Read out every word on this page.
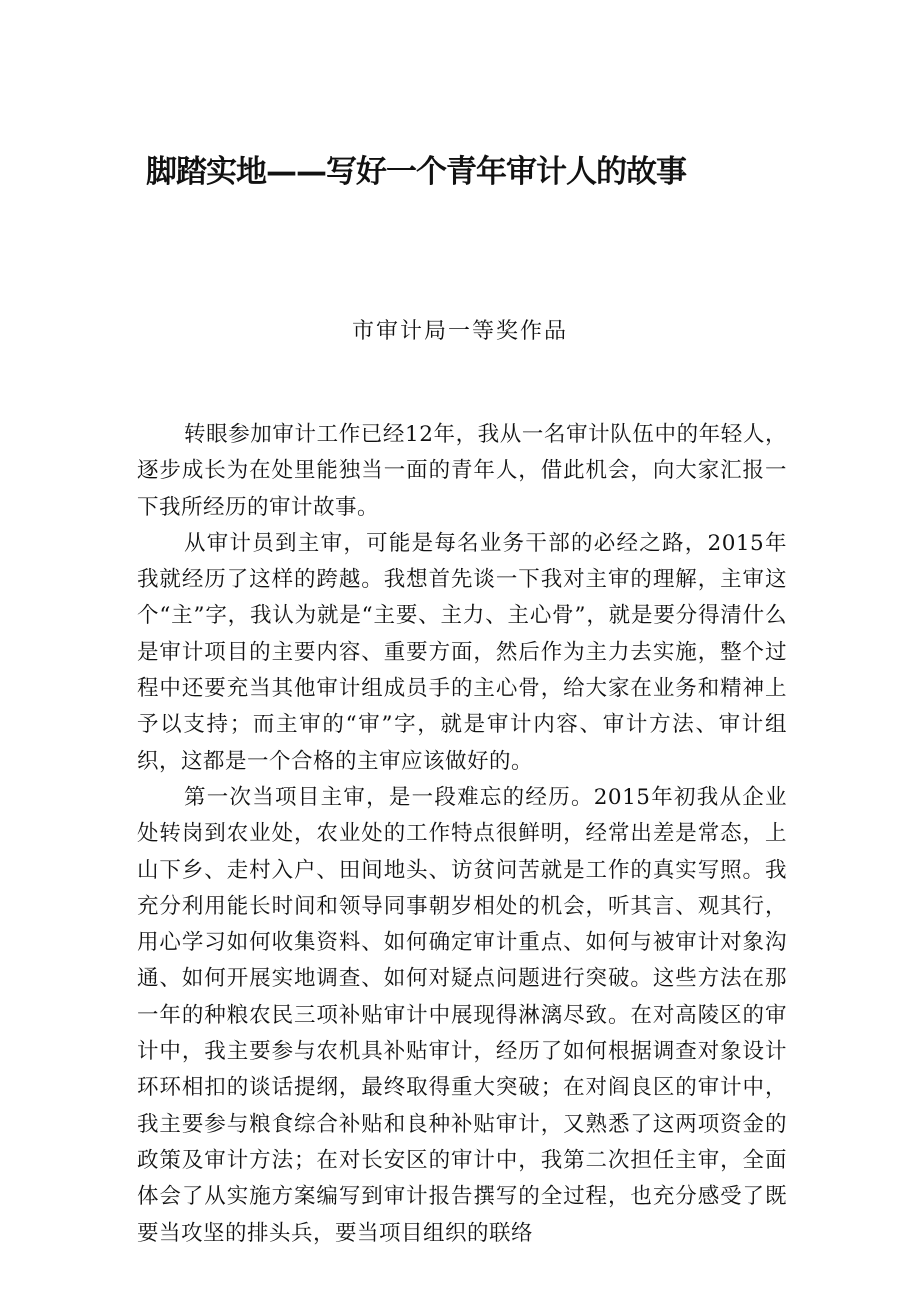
脚踏实地——写好一个青年审计人的故事
市审计局一等奖作品

转眼参加审计工作已经12年，我从一名审计队伍中的年轻人，逐步成长为在处里能独当一面的青年人，借此机会，向大家汇报一下我所经历的审计故事。

从审计员到主审，可能是每名业务干部的必经之路，2015年我就经历了这样的跨越。我想首先谈一下我对主审的理解，主审这个“主”字，我认为就是“主要、主力、主心骨”，就是要分得清什么是审计项目的主要内容、重要方面，然后作为主力去实施，整个过程中还要充当其他审计组成员手的主心骨，给大家在业务和精神上予以支持；而主审的“审”字，就是审计内容、审计方法、审计组织，这都是一个合格的主审应该做好的。

第一次当项目主审，是一段难忘的经历。2015年初我从企业处转岗到农业处，农业处的工作特点很鲜明，经常出差是常态，上山下乡、走村入户、田间地头、访贫问苦就是工作的真实写照。我充分利用能长时间和领导同事朝岁相处的机会，听其言、观其行，用心学习如何收集资料、如何确定审计重点、如何与被审计对象沟通、如何开展实地调查、如何对疑点问题进行突破。这些方法在那一年的种粮农民三项补贴审计中展现得淋漓尽致。在对高陵区的审计中，我主要参与农机具补贴审计，经历了如何根据调查对象设计环环相扣的谈话提纲，最终取得重大突破；在对阎良区的审计中，我主要参与粮食综合补贴和良种补贴审计，又熟悉了这两项资金的政策及审计方法；在对长安区的审计中，我第二次担任主审，全面体会了从实施方案编写到审计报告撰写的全过程，也充分感受了既要当攻坚的排头兵，要当项目组织的联络
